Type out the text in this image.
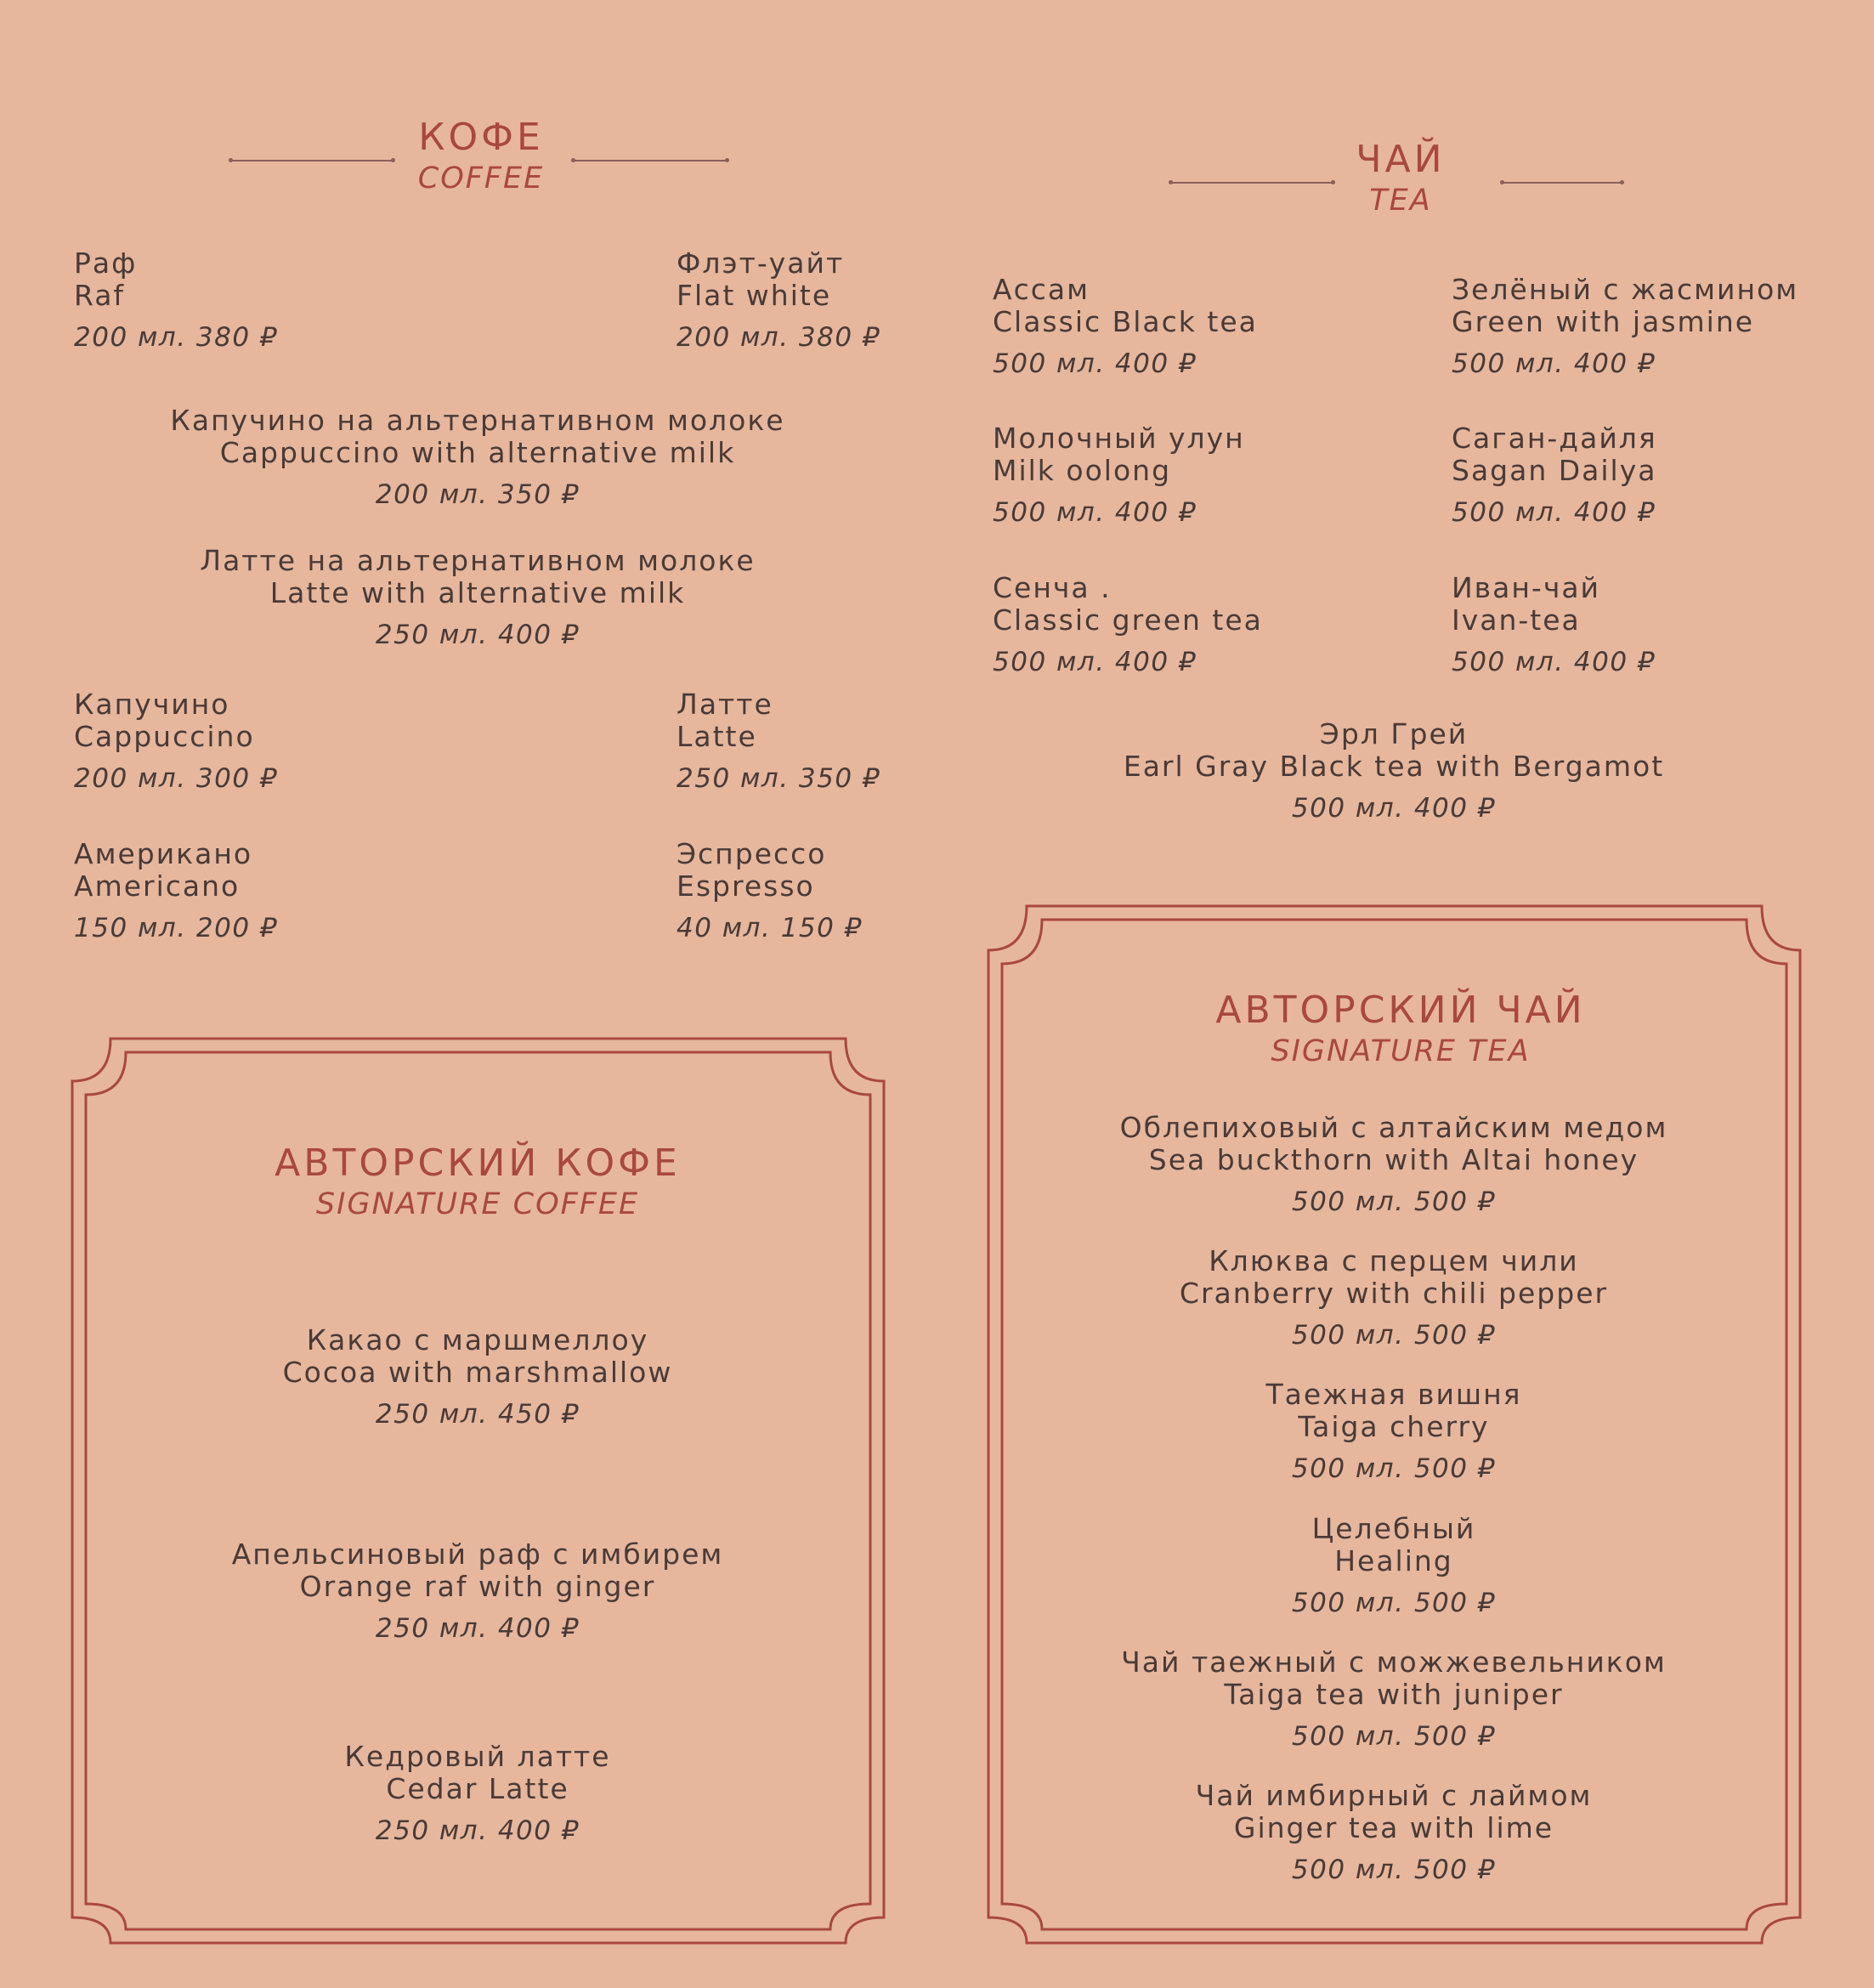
КОФЕ
COFFEE
Раф
Raf
200 мл. 380 ₽
Флэт-уайт
Flat white
200 мл. 380 ₽
Капучино на альтернативном молоке
Cappuccino with alternative milk
200 мл. 350 ₽
Латте на альтернативном молоке
Latte with alternative milk
250 мл. 400 ₽
Капучино
Cappuccino
200 мл. 300 ₽
Латте
Latte
250 мл. 350 ₽
Американо
Americano
150 мл. 200 ₽
Эспрессо
Espresso
40 мл. 150 ₽
ЧАЙ
TEA
Ассам
Classic Black tea
500 мл. 400 ₽
Зелёный с жасмином
Green with jasmine
500 мл. 400 ₽
Молочный улун
Milk oolong
500 мл. 400 ₽
Саган-дайля
Sagan Dailya
500 мл. 400 ₽
Сенча .
Classic green tea
500 мл. 400 ₽
Иван-чай
Ivan-tea
500 мл. 400 ₽
Эрл Грей
Earl Gray Black tea with Bergamot
500 мл. 400 ₽
АВТОРСКИЙ КОФЕ
SIGNATURE COFFEE
Какао с маршмеллоу
Cocoa with marshmallow
250 мл. 450 ₽
Апельсиновый раф с имбирем
Orange raf with ginger
250 мл. 400 ₽
Кедровый латте
Cedar Latte
250 мл. 400 ₽
АВТОРСКИЙ ЧАЙ
SIGNATURE TEA
Облепиховый с алтайским медом
Sea buckthorn with Altai honey
500 мл. 500 ₽
Клюква с перцем чили
Cranberry with chili pepper
500 мл. 500 ₽
Таежная вишня
Taiga cherry
500 мл. 500 ₽
Целебный
Healing
500 мл. 500 ₽
Чай таежный с можжевельником
Taiga tea with juniper
500 мл. 500 ₽
Чай имбирный с лаймом
Ginger tea with lime
500 мл. 500 ₽
